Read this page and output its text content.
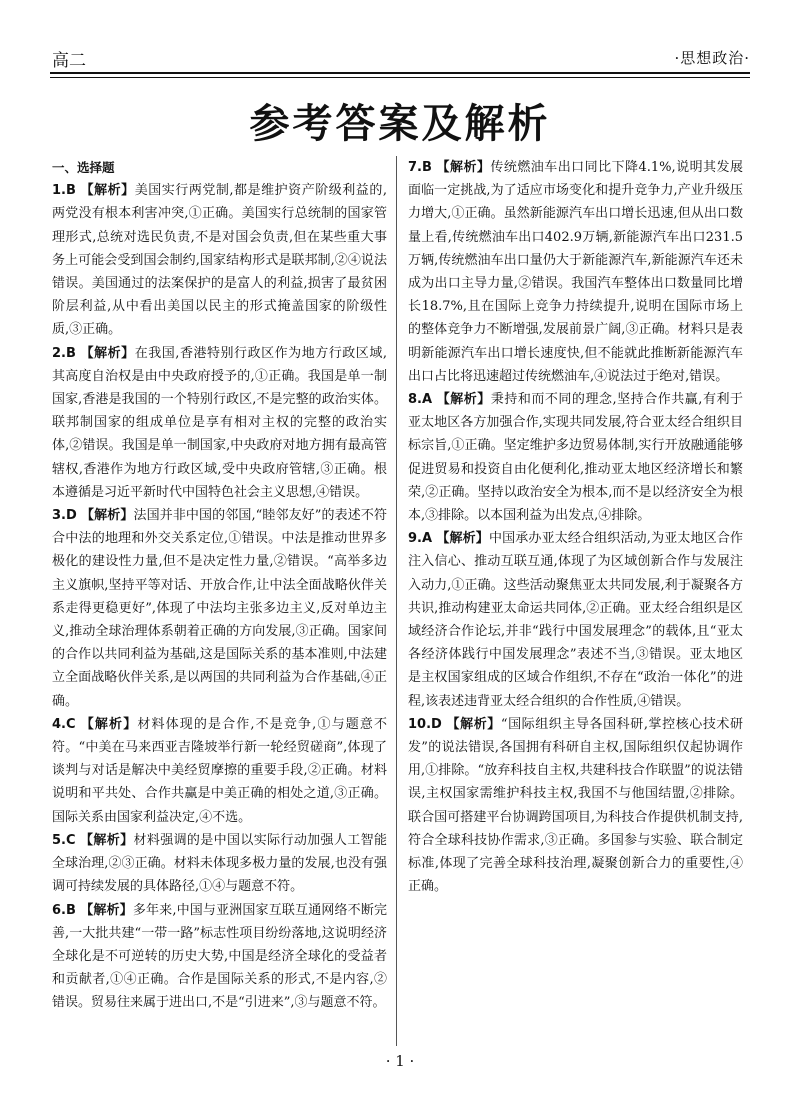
高二	·思想政治·
参考答案及解析
一、选择题

1.B 【解析】美国实行两党制,都是维护资产阶级利益的,两党没有根本利害冲突,①正确。美国实行总统制的国家管理形式,总统对选民负责,不是对国会负责,但在某些重大事务上可能会受到国会制约,国家结构形式是联邦制,②④说法错误。美国通过的法案保护的是富人的利益,损害了最贫困阶层利益,从中看出美国以民主的形式掩盖国家的阶级性质,③正确。

2.B 【解析】在我国,香港特别行政区作为地方行政区域,其高度自治权是由中央政府授予的,①正确。我国是单一制国家,香港是我国的一个特别行政区,不是完整的政治实体。联邦制国家的组成单位是享有相对主权的完整的政治实体,②错误。我国是单一制国家,中央政府对地方拥有最高管辖权,香港作为地方行政区域,受中央政府管辖,③正确。根本遵循是习近平新时代中国特色社会主义思想,④错误。

3.D 【解析】法国并非中国的邻国,“睦邻友好”的表述不符合中法的地理和外交关系定位,①错误。中法是推动世界多极化的建设性力量,但不是决定性力量,②错误。“高举多边主义旗帜,坚持平等对话、开放合作,让中法全面战略伙伴关系走得更稳更好”,体现了中法均主张多边主义,反对单边主义,推动全球治理体系朝着正确的方向发展,③正确。国家间的合作以共同利益为基础,这是国际关系的基本准则,中法建立全面战略伙伴关系,是以两国的共同利益为合作基础,④正确。

4.C 【解析】材料体现的是合作,不是竞争,①与题意不符。“中美在马来西亚吉隆坡举行新一轮经贸磋商”,体现了谈判与对话是解决中美经贸摩擦的重要手段,②正确。材料说明和平共处、合作共赢是中美正确的相处之道,③正确。国际关系由国家利益决定,④不选。

5.C 【解析】材料强调的是中国以实际行动加强人工智能全球治理,②③正确。材料未体现多极力量的发展,也没有强调可持续发展的具体路径,①④与题意不符。

6.B 【解析】多年来,中国与亚洲国家互联互通网络不断完善,一大批共建“一带一路”标志性项目纷纷落地,这说明经济全球化是不可逆转的历史大势,中国是经济全球化的受益者和贡献者,①④正确。合作是国际关系的形式,不是内容,②错误。贸易往来属于进出口,不是“引进来”,③与题意不符。

7.B 【解析】传统燃油车出口同比下降4.1%,说明其发展面临一定挑战,为了适应市场变化和提升竞争力,产业升级压力增大,①正确。虽然新能源汽车出口增长迅速,但从出口数量上看,传统燃油车出口402.9万辆,新能源汽车出口231.5万辆,传统燃油车出口量仍大于新能源汽车,新能源汽车还未成为出口主导力量,②错误。我国汽车整体出口数量同比增长18.7%,且在国际上竞争力持续提升,说明在国际市场上的整体竞争力不断增强,发展前景广阔,③正确。材料只是表明新能源汽车出口增长速度快,但不能就此推断新能源汽车出口占比将迅速超过传统燃油车,④说法过于绝对,错误。

8.A 【解析】秉持和而不同的理念,坚持合作共赢,有利于亚太地区各方加强合作,实现共同发展,符合亚太经合组织目标宗旨,①正确。坚定维护多边贸易体制,实行开放融通能够促进贸易和投资自由化便利化,推动亚太地区经济增长和繁荣,②正确。坚持以政治安全为根本,而不是以经济安全为根本,③排除。以本国利益为出发点,④排除。

9.A 【解析】中国承办亚太经合组织活动,为亚太地区合作注入信心、推动互联互通,体现了为区域创新合作与发展注入动力,①正确。这些活动聚焦亚太共同发展,利于凝聚各方共识,推动构建亚太命运共同体,②正确。亚太经合组织是区域经济合作论坛,并非“践行中国发展理念”的载体,且“亚太各经济体践行中国发展理念”表述不当,③错误。亚太地区是主权国家组成的区域合作组织,不存在“政治一体化”的进程,该表述违背亚太经合组织的合作性质,④错误。

10.D 【解析】“国际组织主导各国科研,掌控核心技术研发”的说法错误,各国拥有科研自主权,国际组织仅起协调作用,①排除。“放弃科技自主权,共建科技合作联盟”的说法错误,主权国家需维护科技主权,我国不与他国结盟,②排除。联合国可搭建平台协调跨国项目,为科技合作提供机制支持,符合全球科技协作需求,③正确。多国参与实验、联合制定标准,体现了完善全球科技治理,凝聚创新合力的重要性,④正确。

· 1 ·
